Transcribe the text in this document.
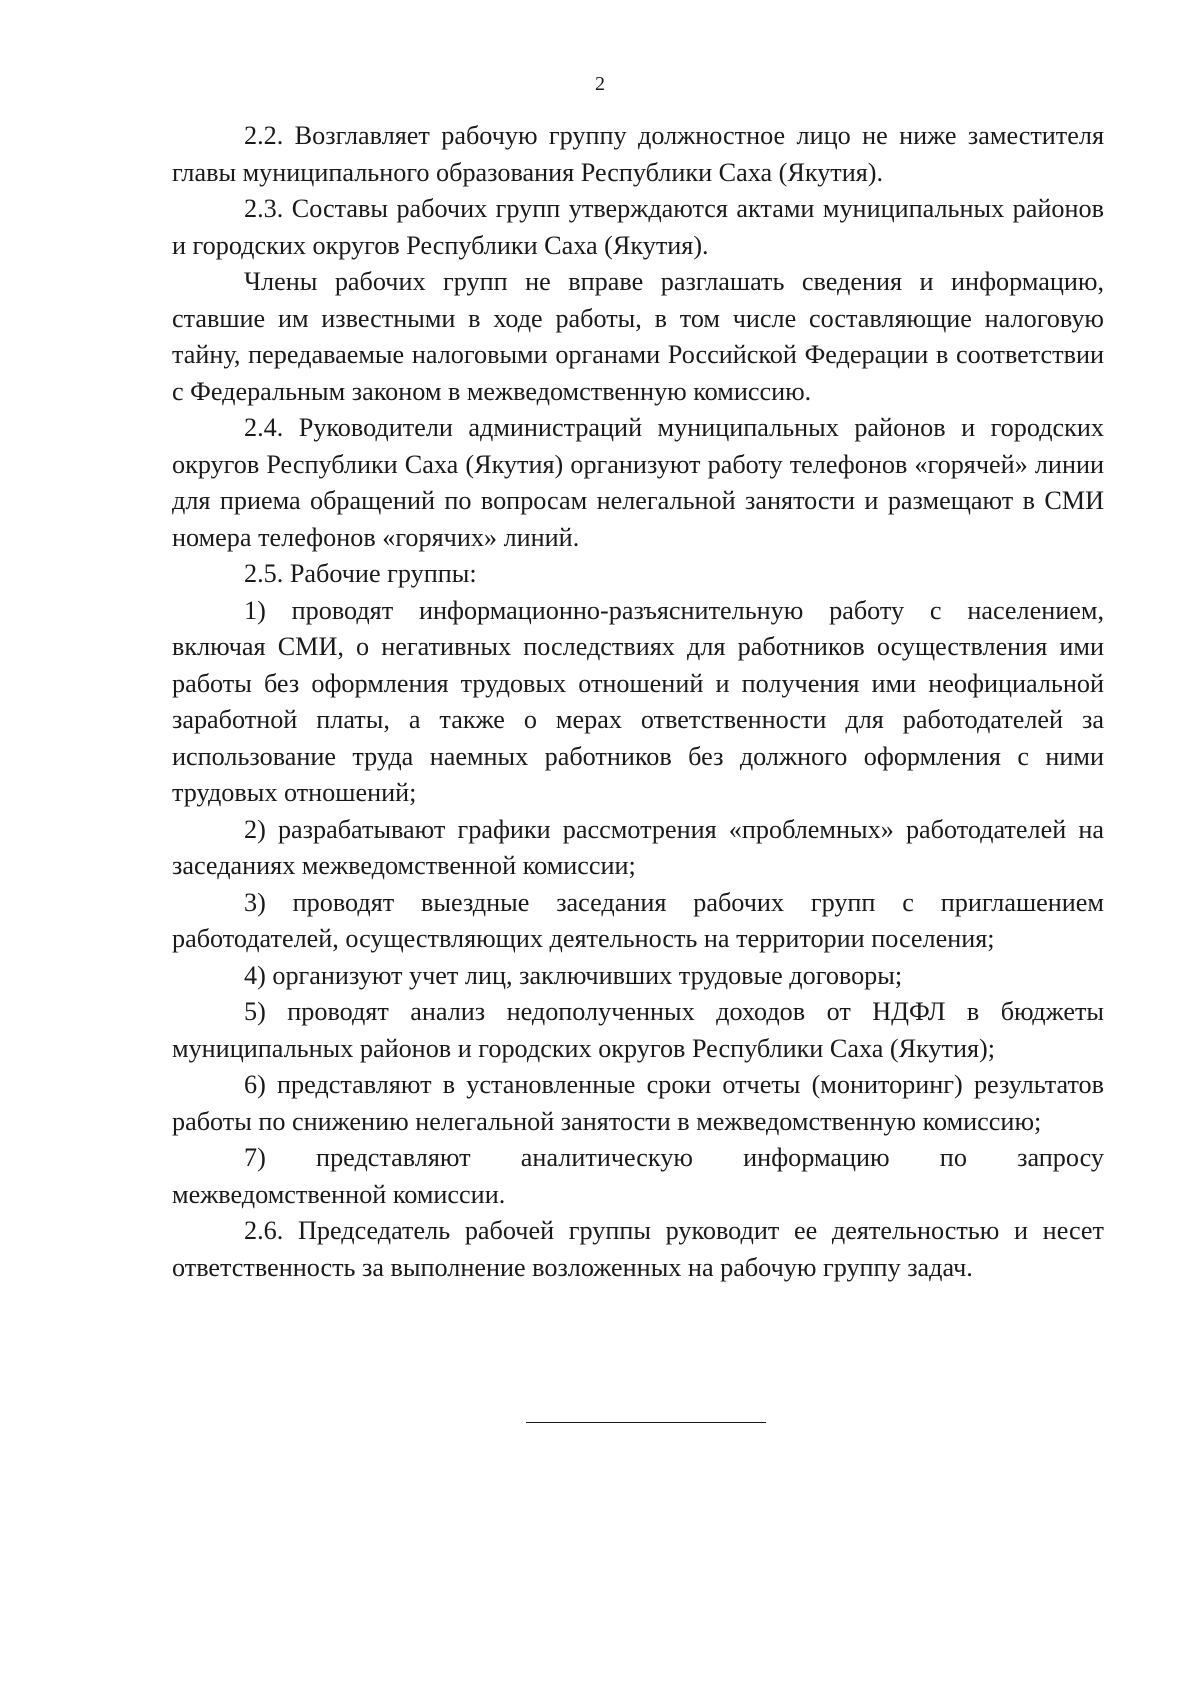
2

2.2. Возглавляет рабочую группу должностное лицо не ниже заместителя главы муниципального образования Республики Саха (Якутия).

2.3. Составы рабочих групп утверждаются актами муниципальных районов и городских округов Республики Саха (Якутия).

Члены рабочих групп не вправе разглашать сведения и информацию, ставшие им известными в ходе работы, в том числе составляющие налоговую тайну, передаваемые налоговыми органами Российской Федерации в соответствии с Федеральным законом в межведомственную комиссию.

2.4. Руководители администраций муниципальных районов и городских округов Республики Саха (Якутия) организуют работу телефонов «горячей» линии для приема обращений по вопросам нелегальной занятости и размещают в СМИ номера телефонов «горячих» линий.

2.5. Рабочие группы:

1) проводят информационно-разъяснительную работу с населением, включая СМИ, о негативных последствиях для работников осуществления ими работы без оформления трудовых отношений и получения ими неофициальной заработной платы, а также о мерах ответственности для работодателей за использование труда наемных работников без должного оформления с ними трудовых отношений;

2) разрабатывают графики рассмотрения «проблемных» работодателей на заседаниях межведомственной комиссии;

3) проводят выездные заседания рабочих групп с приглашением работодателей, осуществляющих деятельность на территории поселения;

4) организуют учет лиц, заключивших трудовые договоры;

5) проводят анализ недополученных доходов от НДФЛ в бюджеты муниципальных районов и городских округов Республики Саха (Якутия);

6) представляют в установленные сроки отчеты (мониторинг) результатов работы по снижению нелегальной занятости в межведомственную комиссию;

7) представляют аналитическую информацию по запросу межведомственной комиссии.

2.6. Председатель рабочей группы руководит ее деятельностью и несет ответственность за выполнение возложенных на рабочую группу задач.
